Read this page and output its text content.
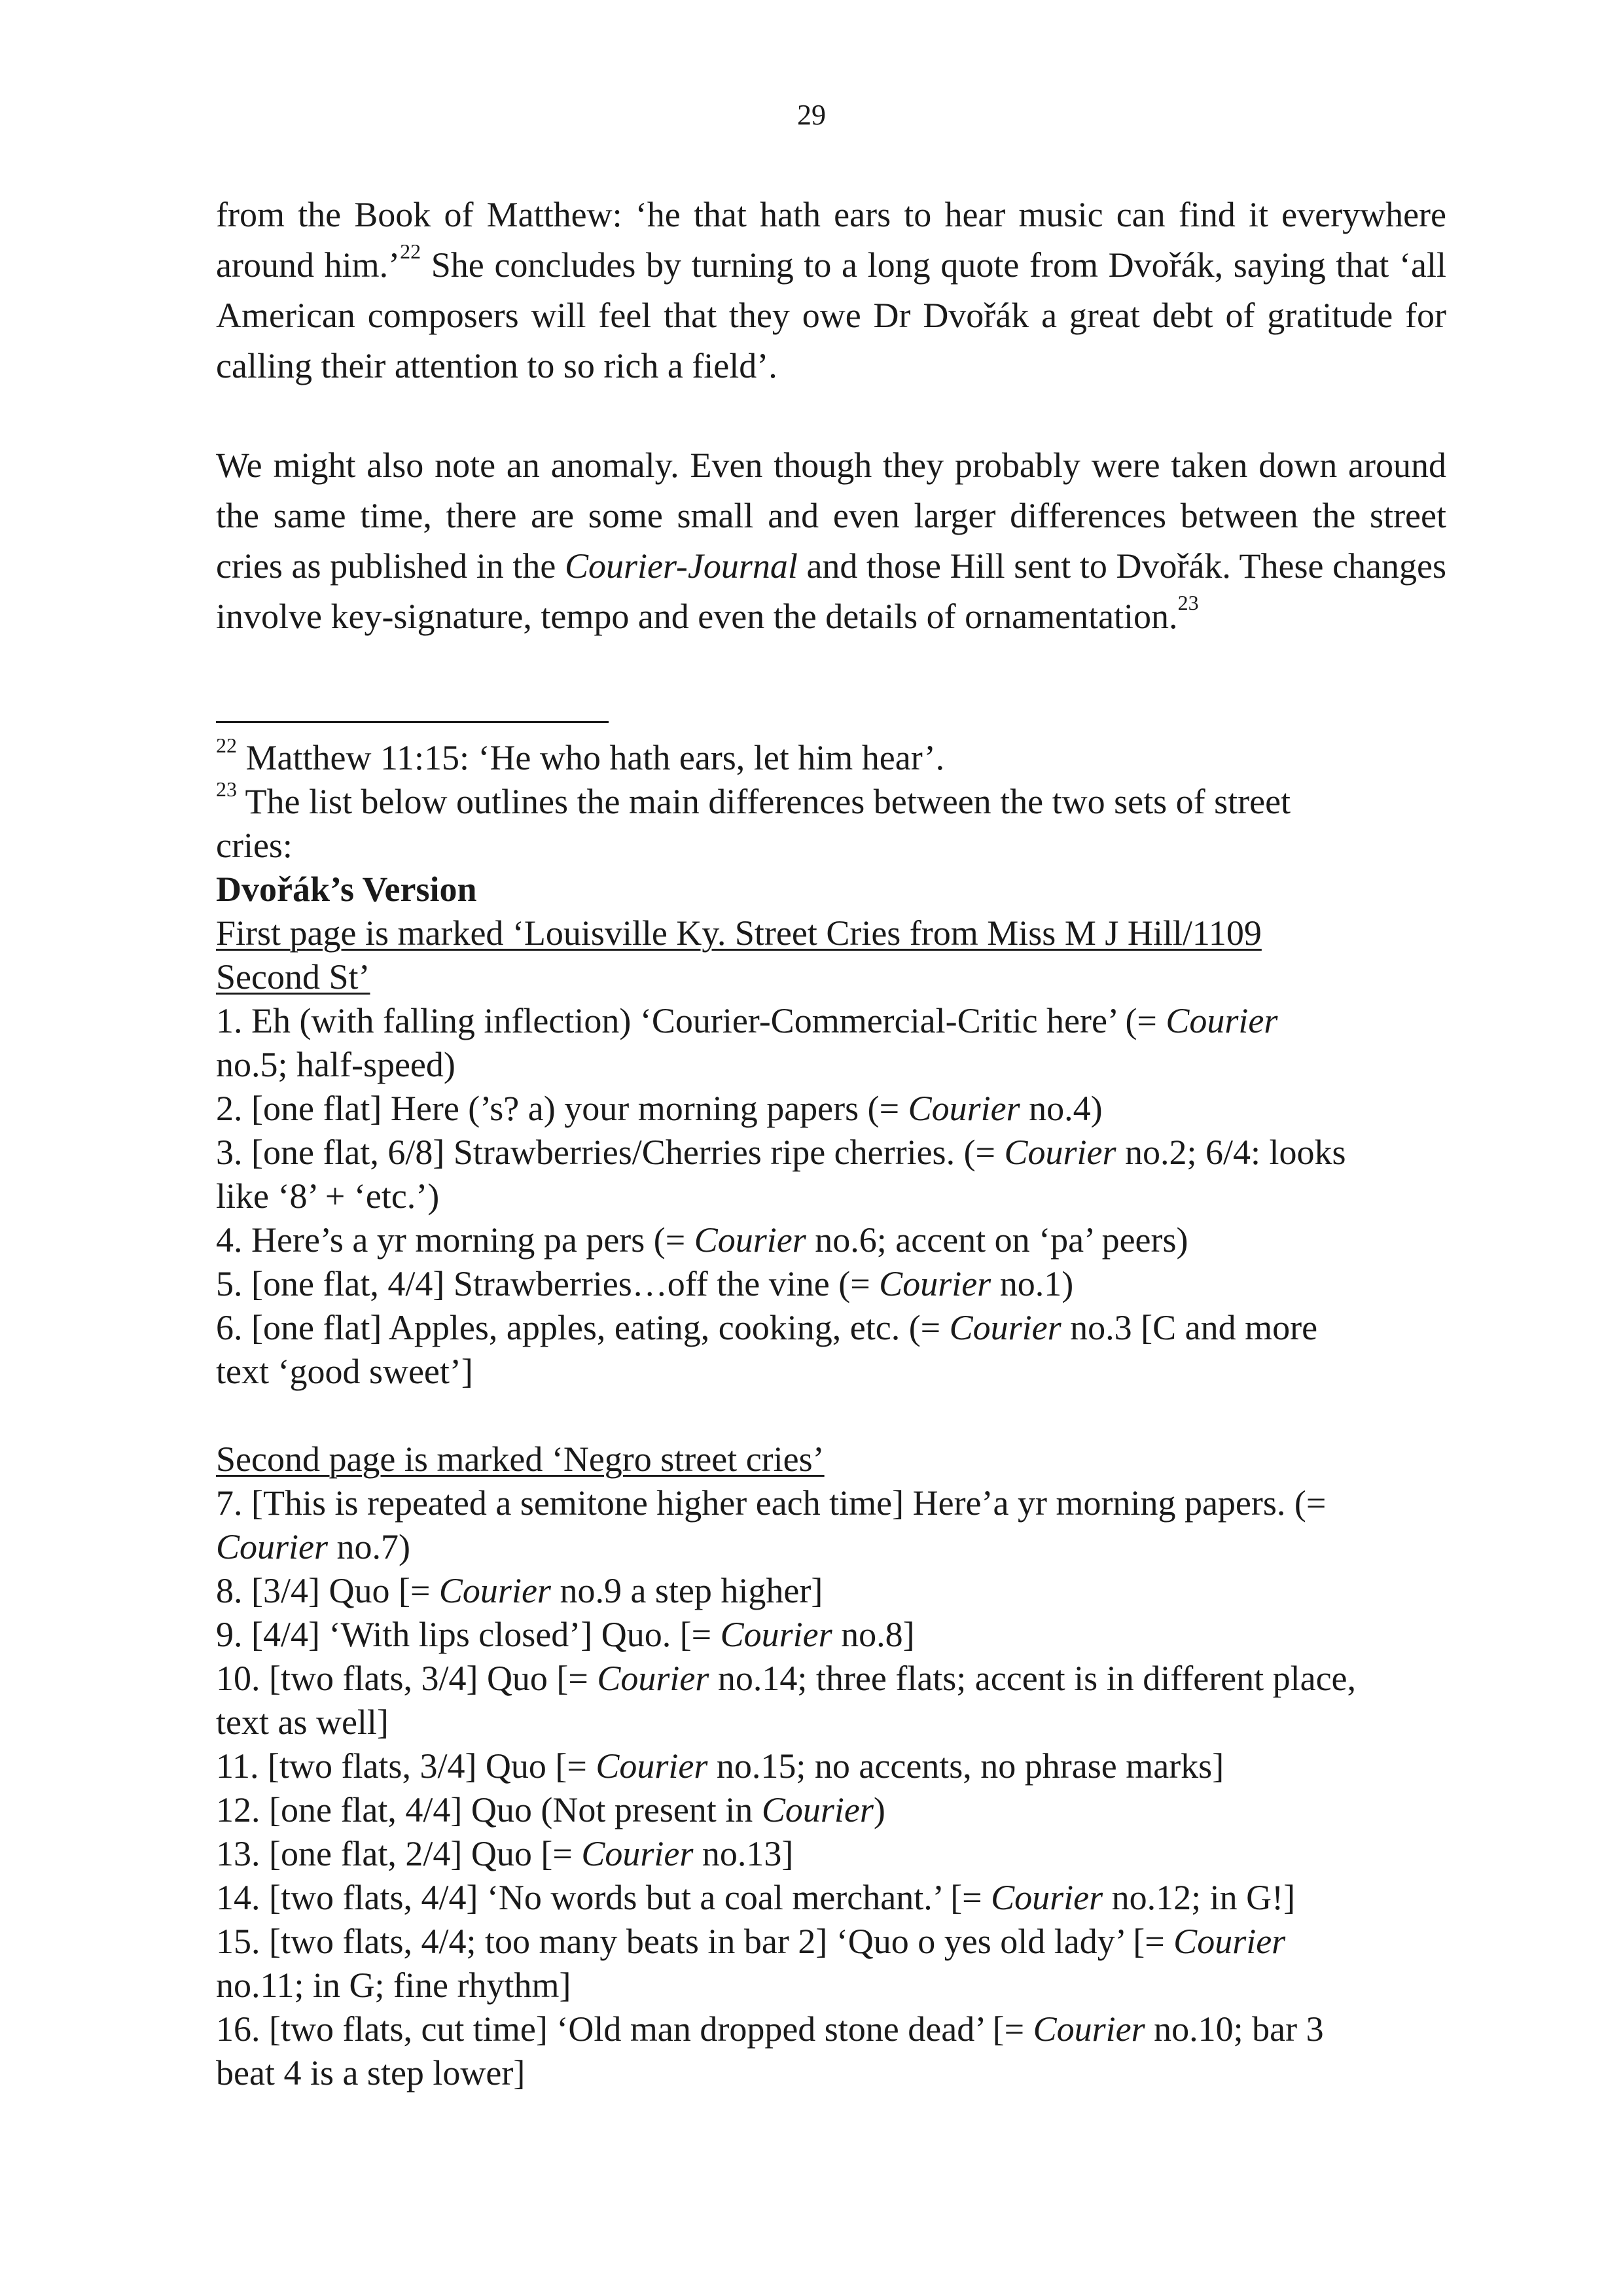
29
from the Book of Matthew: ‘he that hath ears to hear music can find it everywhere around him.’$^{22}$ She concludes by turning to a long quote from Dvořák, saying that ‘all American composers will feel that they owe Dr Dvořák a great debt of gratitude for calling their attention to so rich a field’.
We might also note an anomaly. Even though they probably were taken down around the same time, there are some small and even larger differences between the street cries as published in the Courier-Journal and those Hill sent to Dvořák. These changes involve key-signature, tempo and even the details of ornamentation.$^{23}$
$^{22}$ Matthew 11:15: ‘He who hath ears, let him hear’.
$^{23}$ The list below outlines the main differences between the two sets of street
cries:
Dvořák’s Version
First page is marked ‘Louisville Ky. Street Cries from Miss M J Hill/1109
Second St’
1. Eh (with falling inflection) ‘Courier-Commercial-Critic here’ (= Courier
no.5; half-speed)
2. [one flat] Here (’s? a) your morning papers (= Courier no.4)
3. [one flat, 6/8] Strawberries/Cherries ripe cherries. (= Courier no.2; 6/4: looks
like ‘8’ + ‘etc.’)
4. Here’s a yr morning pa pers (= Courier no.6; accent on ‘pa’ peers)
5. [one flat, 4/4] Strawberries…off the vine (= Courier no.1)
6. [one flat] Apples, apples, eating, cooking, etc. (= Courier no.3 [C and more
text ‘good sweet’]
Second page is marked ‘Negro street cries’
7. [This is repeated a semitone higher each time] Here’a yr morning papers. (=
Courier no.7)
8. [3/4] Quo [= Courier no.9 a step higher]
9. [4/4] ‘With lips closed’] Quo. [= Courier no.8]
10. [two flats, 3/4] Quo [= Courier no.14; three flats; accent is in different place,
text as well]
11. [two flats, 3/4] Quo [= Courier no.15; no accents, no phrase marks]
12. [one flat, 4/4] Quo (Not present in Courier)
13. [one flat, 2/4] Quo [= Courier no.13]
14. [two flats, 4/4] ‘No words but a coal merchant.’ [= Courier no.12; in G!]
15. [two flats, 4/4; too many beats in bar 2] ‘Quo o yes old lady’ [= Courier
no.11; in G; fine rhythm]
16. [two flats, cut time] ‘Old man dropped stone dead’ [= Courier no.10; bar 3
beat 4 is a step lower]
